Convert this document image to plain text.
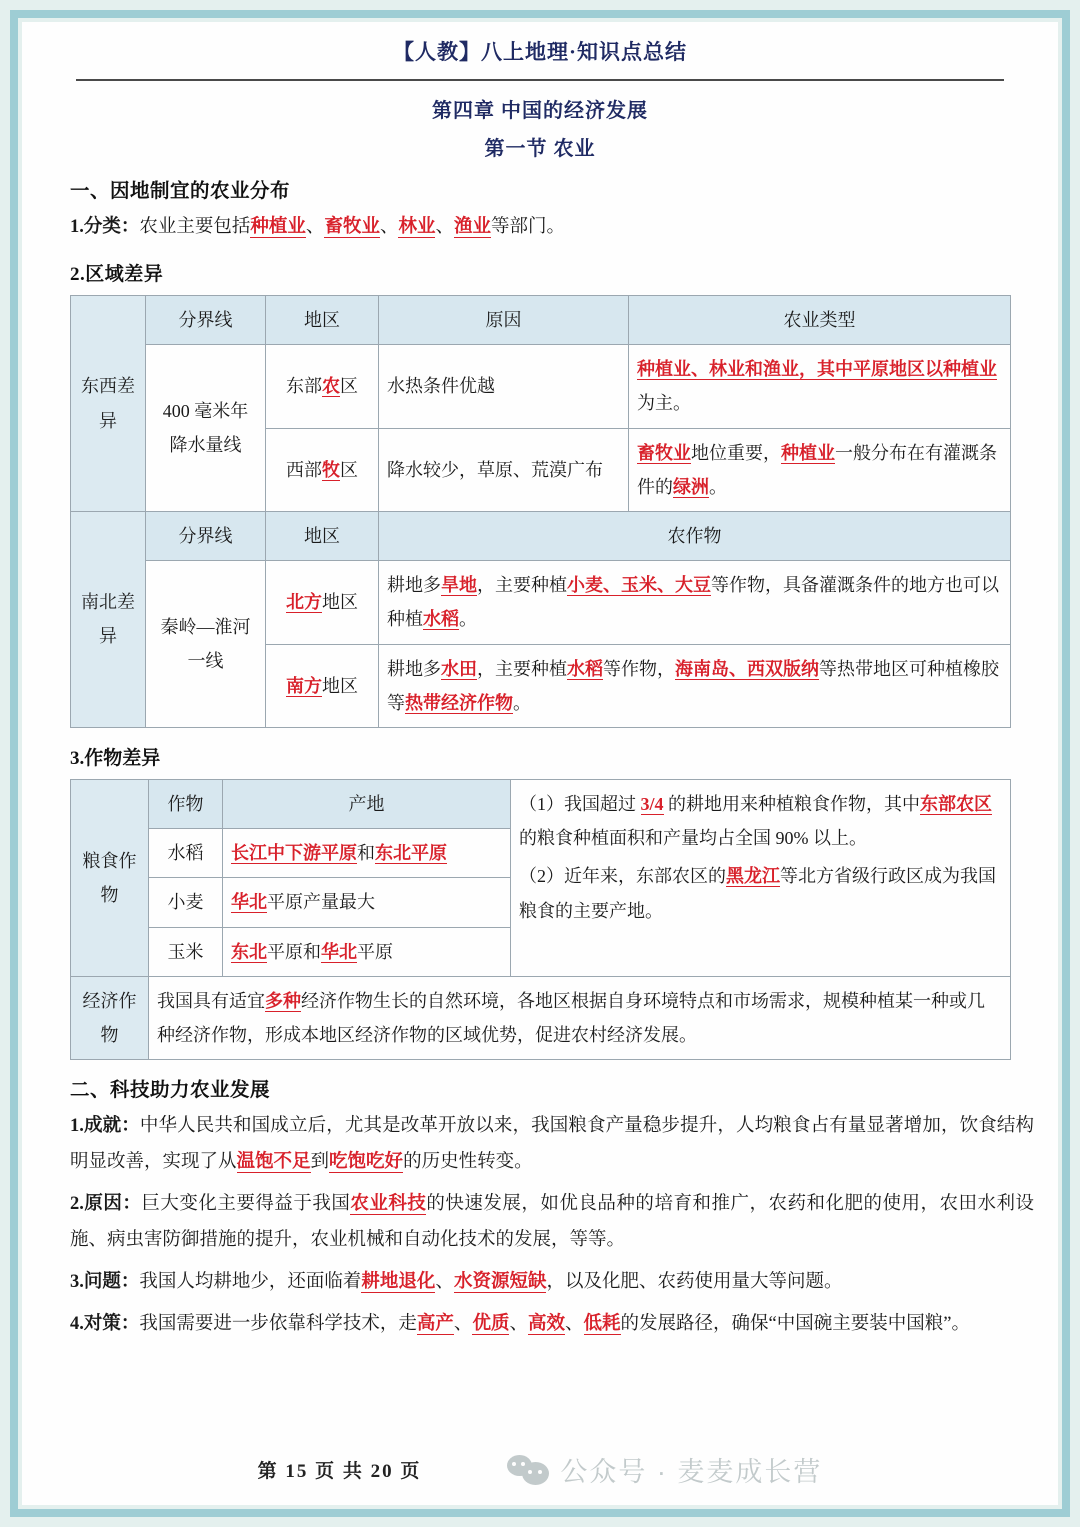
【人教】八上地理·知识点总结
第四章 中国的经济发展
第一节 农业
一、因地制宜的农业分布
1.分类：农业主要包括种植业、畜牧业、林业、渔业等部门。
2.区域差异
东西差异	分界线	地区	原因	农业类型
	400 毫米年降水量线	东部农区	水热条件优越	种植业、林业和渔业，其中平原地区以种植业为主。
		西部牧区	降水较少，草原、荒漠广布	畜牧业地位重要，种植业一般分布在有灌溉条件的绿洲。
南北差异	分界线	地区	农作物	
	秦岭—淮河一线	北方地区	耕地多旱地，主要种植小麦、玉米、大豆等作物，具备灌溉条件的地方也可以种植水稻。	
		南方地区	耕地多水田，主要种植水稻等作物，海南岛、西双版纳等热带地区可种植橡胶等热带经济作物。	
3.作物差异
粮食作物	作物	产地	（1）我国超过 3/4 的耕地用来种植粮食作物，其中东部农区的粮食种植面积和产量均占全国 90% 以上。
（2）近年来，东部农区的黑龙江等北方省级行政区成为我国粮食的主要产地。

	水稻	长江中下游平原和东北平原	
	小麦	华北平原产量最大	
	玉米	东北平原和华北平原	
经济作物	我国具有适宜多种经济作物生长的自然环境，各地区根据自身环境特点和市场需求，规模种植某一种或几种经济作物，形成本地区经济作物的区域优势，促进农村经济发展。		
二、科技助力农业发展
1.成就：中华人民共和国成立后，尤其是改革开放以来，我国粮食产量稳步提升，人均粮食占有量显著增加，饮食结构明显改善，实现了从温饱不足到吃饱吃好的历史性转变。
2.原因：巨大变化主要得益于我国农业科技的快速发展，如优良品种的培育和推广，农药和化肥的使用，农田水利设施、病虫害防御措施的提升，农业机械和自动化技术的发展，等等。
3.问题：我国人均耕地少，还面临着耕地退化、水资源短缺，以及化肥、农药使用量大等问题。
4.对策：我国需要进一步依靠科学技术，走高产、优质、高效、低耗的发展路径，确保“中国碗主要装中国粮”。
第 15 页 共 20 页	公众号 · 麦麦成长营
